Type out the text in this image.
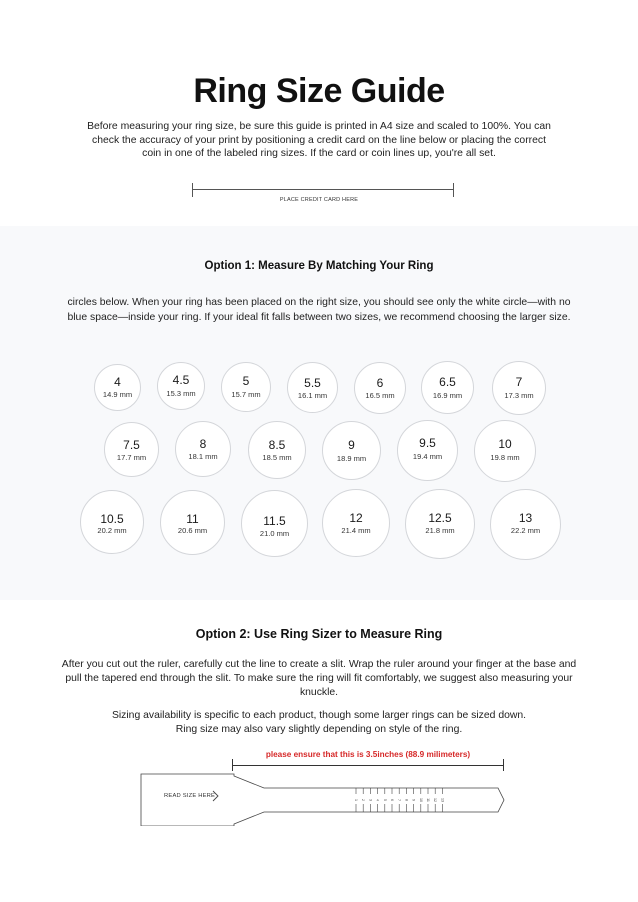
Ring Size Guide
Before measuring your ring size, be sure this guide is printed in A4 size and scaled to 100%. You can check the accuracy of your print by positioning a credit card on the line below or placing the correct coin in one of the labeled ring sizes. If the card or coin lines up, you're all set.
PLACE CREDIT CARD HERE
Option 1: Measure By Matching Your Ring
circles below. When your ring has been placed on the right size, you should see only the white circle—with no blue space—inside your ring. If your ideal fit falls between two sizes, we recommend choosing the larger size.
4
14.9 mm
4.5
15.3 mm
5
15.7 mm
5.5
16.1 mm
6
16.5 mm
6.5
16.9 mm
7
17.3 mm
7.5
17.7 mm
8
18.1 mm
8.5
18.5 mm
9
18.9 mm
9.5
19.4 mm
10
19.8 mm
10.5
20.2 mm
11
20.6 mm
11.5
21.0 mm
12
21.4 mm
12.5
21.8 mm
13
22.2 mm
Option 2: Use Ring Sizer to Measure Ring
After you cut out the ruler, carefully cut the line to create a slit. Wrap the ruler around your finger at the base and pull the tapered end through the slit. To make sure the ring will fit comfortably, we suggest also measuring your knuckle.
Sizing availability is specific to each product, though some larger rings can be sized down. Ring size may also vary slightly depending on style of the ring.
please ensure that this is 3.5inches (88.9 milimeters)
1 2 3 4 5 6 7 8 9 10 11 12 13
READ SIZE HERE
